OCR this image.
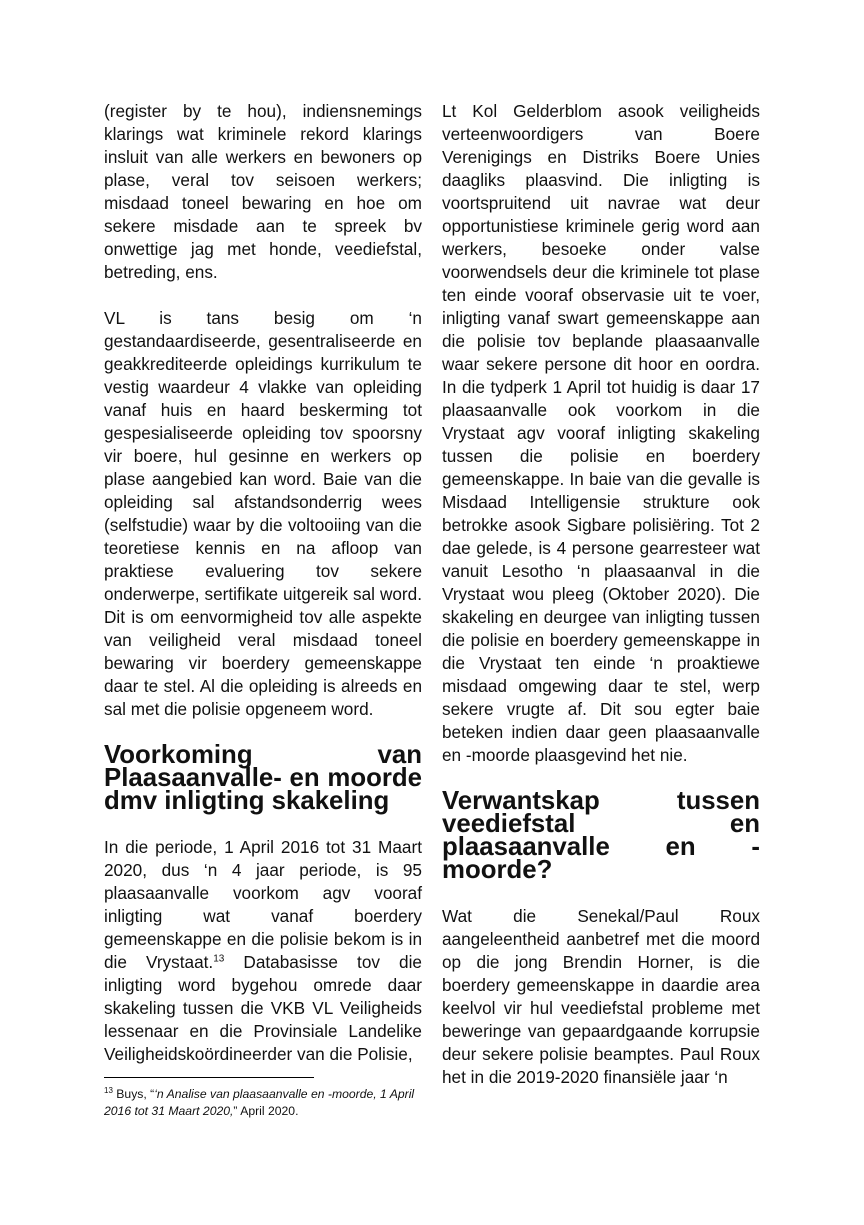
(register by te hou), indiensnemings klarings wat kriminele rekord klarings insluit van alle werkers en bewoners op plase, veral tov seisoen werkers; misdaad toneel bewaring en hoe om sekere misdade aan te spreek bv onwettige jag met honde, veediefstal, betreding, ens.

VL is tans besig om ‘n gestandaardiseerde, gesentraliseerde en geakkrediteerde opleidings kurrikulum te vestig waardeur 4 vlakke van opleiding vanaf huis en haard beskerming tot gespesialiseerde opleiding tov spoorsny vir boere, hul gesinne en werkers op plase aangebied kan word. Baie van die opleiding sal afstandsonderrig wees (selfstudie) waar by die voltooiing van die teoretiese kennis en na afloop van praktiese evaluering tov sekere onderwerpe, sertifikate uitgereik sal word. Dit is om eenvormigheid tov alle aspekte van veiligheid veral misdaad toneel bewaring vir boerdery gemeenskappe daar te stel. Al die opleiding is alreeds en sal met die polisie opgeneem word.

Voorkoming van Plaasaanvalle- en moorde dmv inligting skakeling

In die periode, 1 April 2016 tot 31 Maart 2020, dus ‘n 4 jaar periode, is 95 plaasaanvalle voorkom agv vooraf inligting wat vanaf boerdery gemeenskappe en die polisie bekom is in die Vrystaat.$^{13}$ Databasisse tov die inligting word bygehou omrede daar skakeling tussen die VKB VL Veiligheids lessenaar en die Provinsiale Landelike Veiligheidskoördineerder van die Polisie,

Lt Kol Gelderblom asook veiligheids verteenwoordigers van Boere Verenigings en Distriks Boere Unies daagliks plaasvind. Die inligting is voortspruitend uit navrae wat deur opportunistiese kriminele gerig word aan werkers, besoeke onder valse voorwendsels deur die kriminele tot plase ten einde vooraf observasie uit te voer, inligting vanaf swart gemeenskappe aan die polisie tov beplande plaasaanvalle waar sekere persone dit hoor en oordra. In die tydperk 1 April tot huidig is daar 17 plaasaanvalle ook voorkom in die Vrystaat agv vooraf inligting skakeling tussen die polisie en boerdery gemeenskappe. In baie van die gevalle is Misdaad Intelligensie strukture ook betrokke asook Sigbare polisiëring. Tot 2 dae gelede, is 4 persone gearresteer wat vanuit Lesotho ‘n plaasaanval in die Vrystaat wou pleeg (Oktober 2020). Die skakeling en deurgee van inligting tussen die polisie en boerdery gemeenskappe in die Vrystaat ten einde ‘n proaktiewe misdaad omgewing daar te stel, werp sekere vrugte af. Dit sou egter baie beteken indien daar geen plaasaanvalle en -moorde plaasgevind het nie.

Verwantskap tussen veediefstal en plaasaanvalle en -moorde?

Wat die Senekal/Paul Roux aangeleentheid aanbetref met die moord op die jong Brendin Horner, is die boerdery gemeenskappe in daardie area keelvol vir hul veediefstal probleme met beweringe van gepaardgaande korrupsie deur sekere polisie beamptes. Paul Roux het in die 2019-2020 finansiële jaar ‘n

$^{13}$ Buys, “‘n Analise van plaasaanvalle en -moorde, 1 April 2016 tot 31 Maart 2020,” April 2020.
